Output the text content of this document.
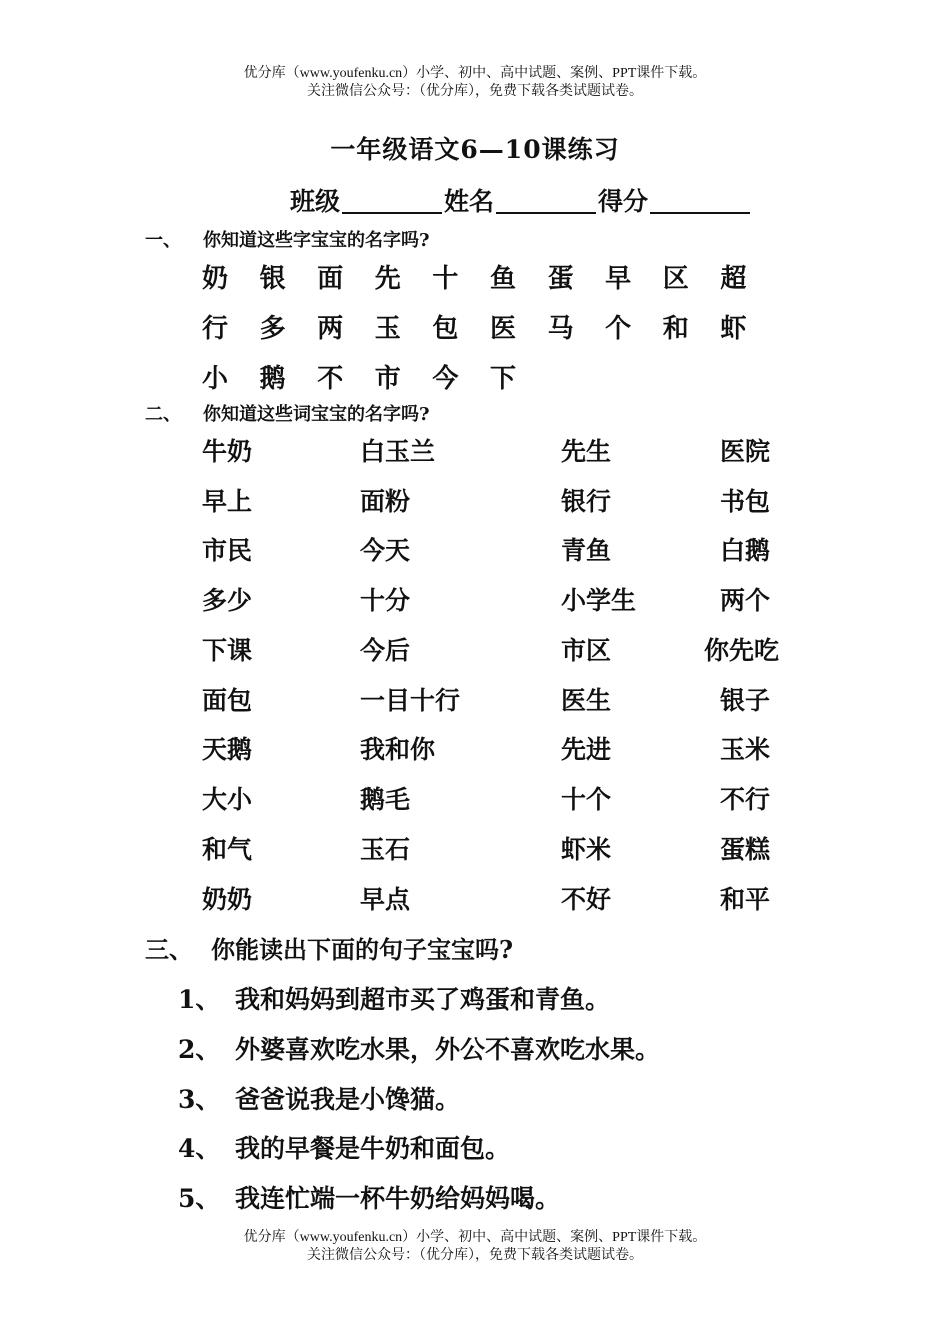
优分库（www.youfenku.cn）小学、初中、高中试题、案例、PPT课件下载。
关注微信公众号：（优分库），免费下载各类试题试卷。
一年级语文6—10课练习
班级	姓名	得分
一、 你知道这些字宝宝的名字吗?
奶 银 面 先 十 鱼 蛋 早 区 超
行 多 两 玉 包 医 马 个 和 虾
小 鹅 不 市 今 下
二、 你知道这些词宝宝的名字吗?
牛奶	白玉兰	先生	医院
早上	面粉	银行	书包
市民	今天	青鱼	白鹅
多少	十分	小学生	两个
下课	今后	市区	你先吃
面包	一目十行	医生	银子
天鹅	我和你	先进	玉米
大小	鹅毛	十个	不行
和气	玉石	虾米	蛋糕
奶奶	早点	不好	和平
三、 你能读出下面的句子宝宝吗?
1、 我和妈妈到超市买了鸡蛋和青鱼。
2、 外婆喜欢吃水果，外公不喜欢吃水果。
3、 爸爸说我是小馋猫。
4、 我的早餐是牛奶和面包。
5、 我连忙端一杯牛奶给妈妈喝。
优分库（www.youfenku.cn）小学、初中、高中试题、案例、PPT课件下载。
关注微信公众号：（优分库），免费下载各类试题试卷。
